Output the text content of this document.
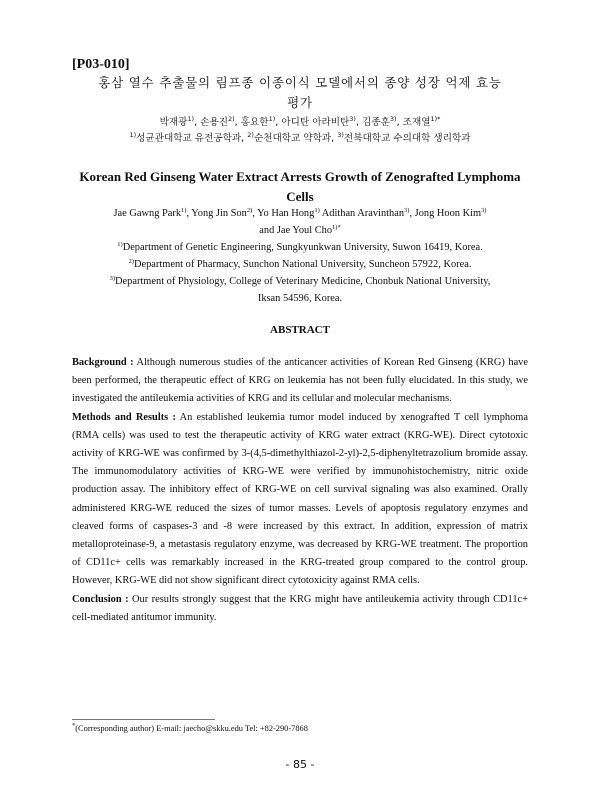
[P03-010]
홍삼 열수 추출물의 림프종 이종이식 모델에서의 종양 성장 억제 효능
평가
박재광$^{1)}$, 손용진$^{2)}$, 홍요한$^{1)}$, 아디탄 아라비탄$^{3)}$, 김종훈$^{3)}$, 조재열$^{1)*}$
$^{1)}$성균관대학교 유전공학과, $^{2)}$순천대학교 약학과, $^{3)}$전북대학교 수의대학 생리학과
Korean Red Ginseng Water Extract Arrests Growth of Zenografted Lymphoma
Cells
Jae Gawng Park$^{1)}$, Yong Jin Son$^{2)}$, Yo Han Hong$^{1)}$ Adithan Aravinthan$^{3)}$, Jong Hoon Kim$^{3)}$
and Jae Youl Cho$^{1)*}$
$^{1)}$Department of Genetic Engineering, Sungkyunkwan University, Suwon 16419, Korea.
$^{2)}$Department of Pharmacy, Sunchon National University, Suncheon 57922, Korea.
$^{3)}$Department of Physiology, College of Veterinary Medicine, Chonbuk National University,
Iksan 54596, Korea.
ABSTRACT

Background : Although numerous studies of the anticancer activities of Korean Red Ginseng (KRG) have been performed, the therapeutic effect of KRG on leukemia has not been fully elucidated. In this study, we investigated the antileukemia activities of KRG and its cellular and molecular mechanisms.

Methods and Results : An established leukemia tumor model induced by xenografted T cell lymphoma (RMA cells) was used to test the therapeutic activity of KRG water extract (KRG-WE). Direct cytotoxic activity of KRG-WE was confirmed by 3-(4,5-dimethylthiazol-2-yl)-2,5-diphenyltetrazolium bromide assay. The immunomodulatory activities of KRG-WE were verified by immunohistochemistry, nitric oxide production assay. The inhibitory effect of KRG-WE on cell survival signaling was also examined. Orally administered KRG-WE reduced the sizes of tumor masses. Levels of apoptosis regulatory enzymes and cleaved forms of caspases-3 and -8 were increased by this extract. In addition, expression of matrix metalloproteinase-9, a metastasis regulatory enzyme, was decreased by KRG-WE treatment. The proportion of CD11c+ cells was remarkably increased in the KRG-treated group compared to the control group. However, KRG-WE did not show significant direct cytotoxicity against RMA cells.

Conclusion : Our results strongly suggest that the KRG might have antileukemia activity through CD11c+ cell-mediated antitumor immunity.

*(Corresponding author) E-mail: jaecho@skku.edu Tel: +82-290-7868
- 85 -
